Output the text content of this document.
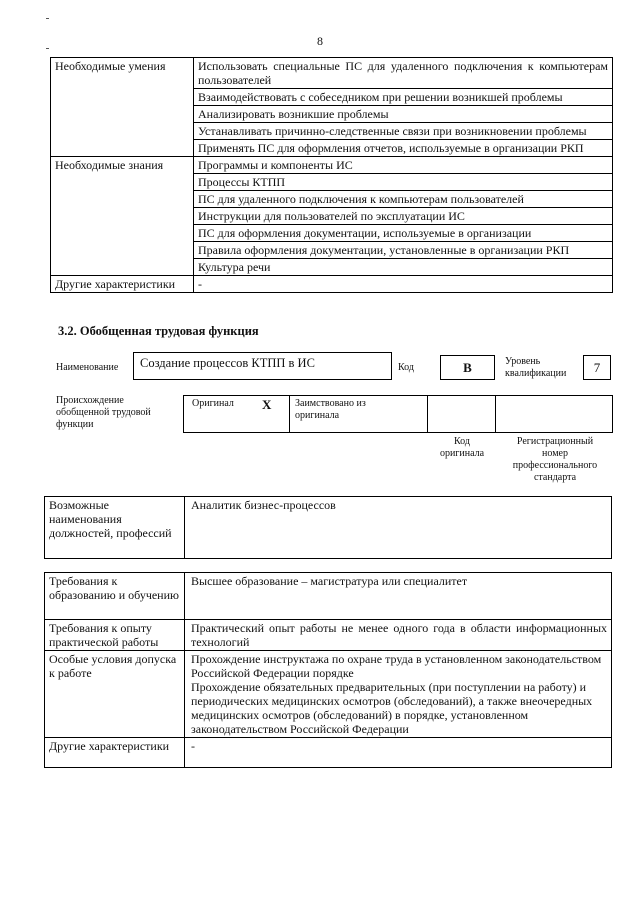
8
Необходимые умения	Использовать специальные ПС для удаленного подключения к компьютерам пользователей
	Взаимодействовать с собеседником при решении возникшей проблемы
	Анализировать возникшие проблемы
	Устанавливать причинно-следственные связи при возникновении проблемы
	Применять ПС для оформления отчетов, используемые в организации РКП
Необходимые знания	Программы и компоненты ИС
	Процессы КТПП
	ПС для удаленного подключения к компьютерам пользователей
	Инструкции для пользователей по эксплуатации ИС
	ПС для оформления документации, используемые в организации
	Правила оформления документации, установленные в организации РКП
	Культура речи
Другие характеристики	-
3.2. Обобщенная трудовая функция
Наименование	Создание процессов КТПП в ИС	Код	B	Уровень квалификации	7
Происхождение обобщенной трудовой функции
Оригинал X Заимствовано из оригинала
Код оригинала
Регистрационный номер профессионального стандарта
Возможные наименования должностей, профессий	Аналитик бизнес-процессов
Требования к образованию и обучению	Высшее образование – магистратура или специалитет
Требования к опыту практической работы	Практический опыт работы не менее одного года в области информационных технологий
Особые условия допуска к работе	Прохождение инструктажа по охране труда в установленном законодательством Российской Федерации порядке
Прохождение обязательных предварительных (при поступлении на работу) и периодических медицинских осмотров (обследований), а также внеочередных медицинских осмотров (обследований) в порядке, установленном законодательством Российской Федерации

Другие характеристики	-
